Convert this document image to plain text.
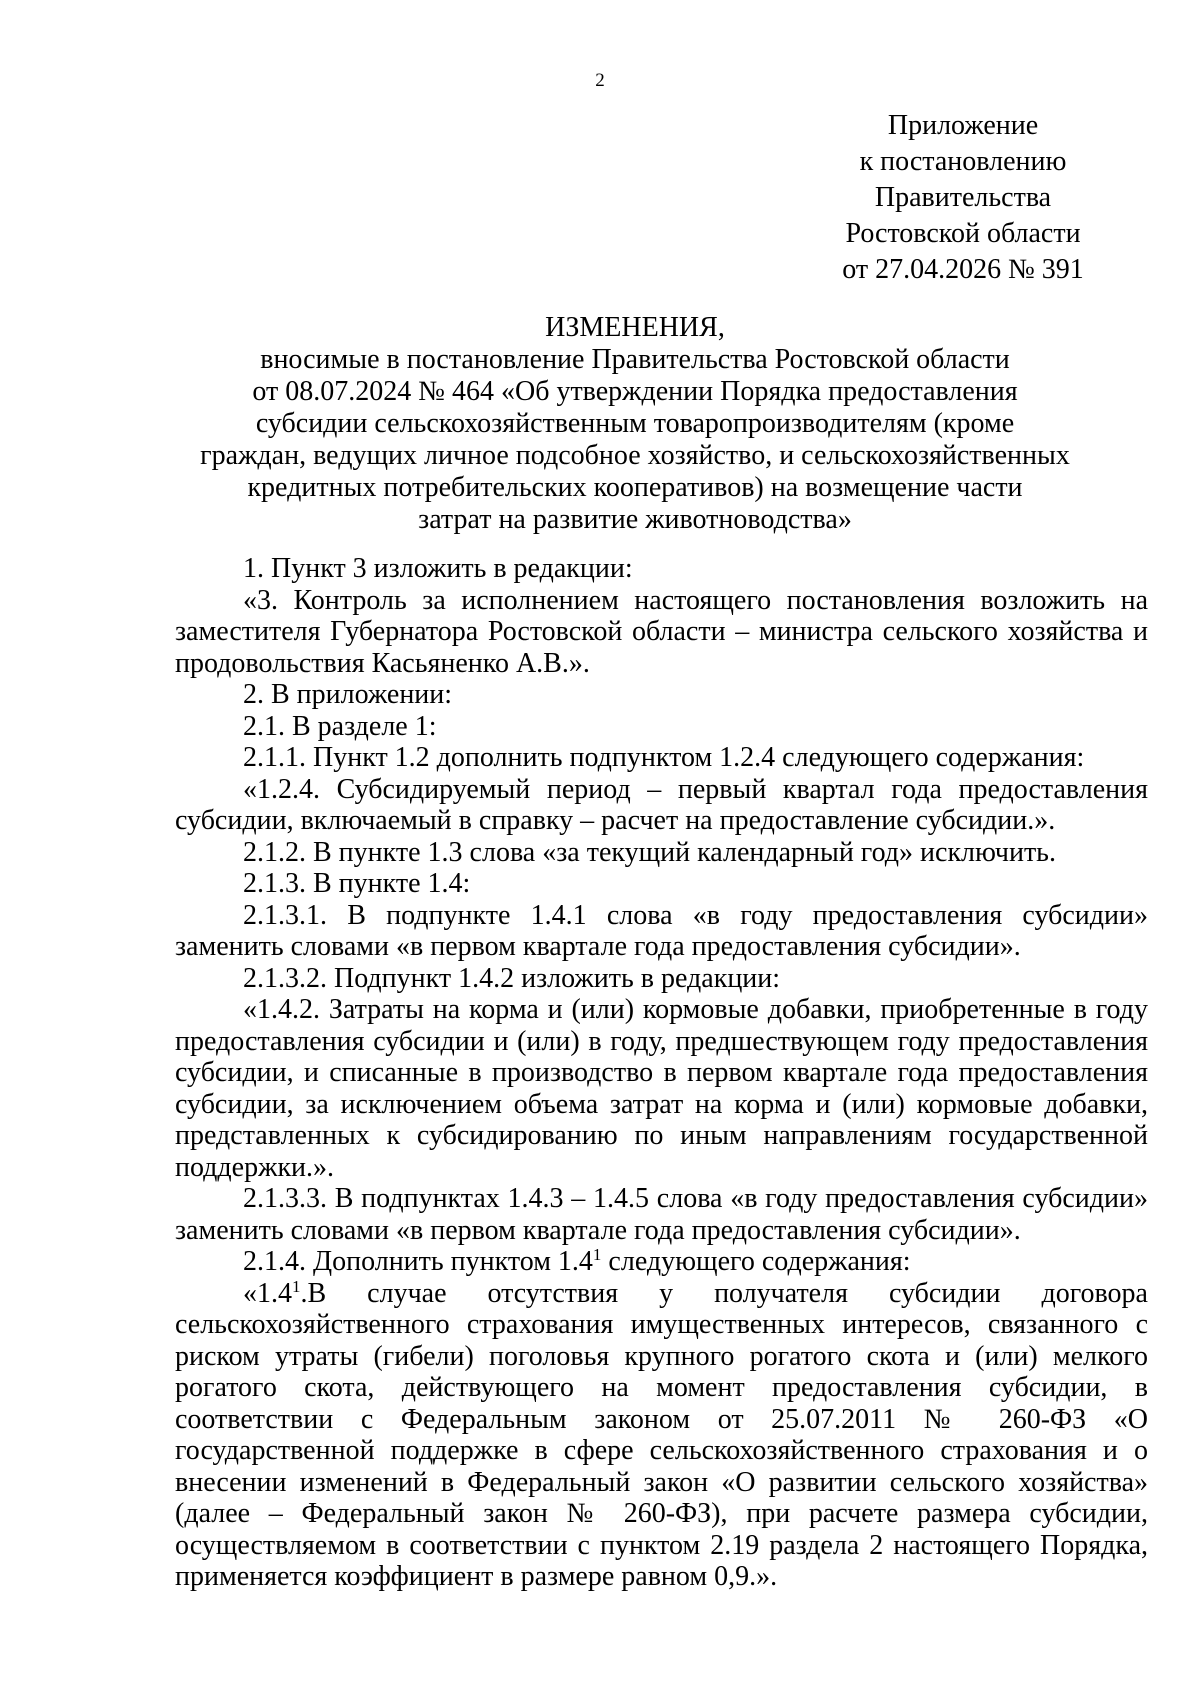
2
Приложение
к постановлению
Правительства
Ростовской области
от 27.04.2026 № 391
ИЗМЕНЕНИЯ,
вносимые в постановление Правительства Ростовской области
от 08.07.2024 № 464 «Об утверждении Порядка предоставления
субсидии сельскохозяйственным товаропроизводителям (кроме
граждан, ведущих личное подсобное хозяйство, и сельскохозяйственных
кредитных потребительских кооперативов) на возмещение части
затрат на развитие животноводства»

1. Пункт 3 изложить в редакции:

«3. Контроль за исполнением настоящего постановления возложить на заместителя Губернатора Ростовской области – министра сельского хозяйства и продовольствия Касьяненко А.В.».

2. В приложении:

2.1. В разделе 1:

2.1.1. Пункт 1.2 дополнить подпунктом 1.2.4 следующего содержания:

«1.2.4. Субсидируемый период – первый квартал года предоставления субсидии, включаемый в справку – расчет на предоставление субсидии.».

2.1.2. В пункте 1.3 слова «за текущий календарный год» исключить.

2.1.3. В пункте 1.4:

2.1.3.1. В подпункте 1.4.1 слова «в году предоставления субсидии» заменить словами «в первом квартале года предоставления субсидии».

2.1.3.2. Подпункт 1.4.2 изложить в редакции:

«1.4.2. Затраты на корма и (или) кормовые добавки, приобретенные в году предоставления субсидии и (или) в году, предшествующем году предоставления субсидии, и списанные в производство в первом квартале года предоставления субсидии, за исключением объема затрат на корма и (или) кормовые добавки, представленных к субсидированию по иным направлениям государственной поддержки.».

2.1.3.3. В подпунктах 1.4.3 – 1.4.5 слова «в году предоставления субсидии» заменить словами «в первом квартале года предоставления субсидии».

2.1.4. Дополнить пунктом $1.4^1$ следующего содержания:

«$1.4^1.В$ случае отсутствия у получателя субсидии договора сельскохозяйственного страхования имущественных интересов, связанного с риском утраты (гибели) поголовья крупного рогатого скота и (или) мелкого рогатого скота, действующего на момент предоставления субсидии, в соответствии с Федеральным законом от 25.07.2011 № 260-ФЗ «О государственной поддержке в сфере сельскохозяйственного страхования и о внесении изменений в Федеральный закон «О развитии сельского хозяйства» (далее – Федеральный закон № 260-ФЗ), при расчете размера субсидии, осуществляемом в соответствии с пунктом 2.19 раздела 2 настоящего Порядка, применяется коэффициент в размере равном 0,9.».
